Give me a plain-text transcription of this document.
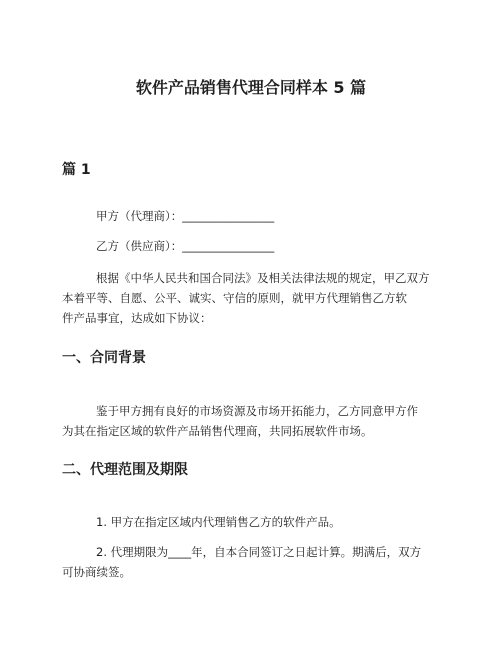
软件产品销售代理合同样本 5 篇
篇 1
甲方（代理商）：________________
乙方（供应商）：________________
根据《中华人民共和国合同法》及相关法律法规的规定，甲乙双方
本着平等、自愿、公平、诚实、守信的原则，就甲方代理销售乙方软
件产品事宜，达成如下协议：
一、合同背景
鉴于甲方拥有良好的市场资源及市场开拓能力，乙方同意甲方作
为其在指定区域的软件产品销售代理商，共同拓展软件市场。
二、代理范围及期限
1. 甲方在指定区域内代理销售乙方的软件产品。
2. 代理期限为____年，自本合同签订之日起计算。期满后，双方
可协商续签。
